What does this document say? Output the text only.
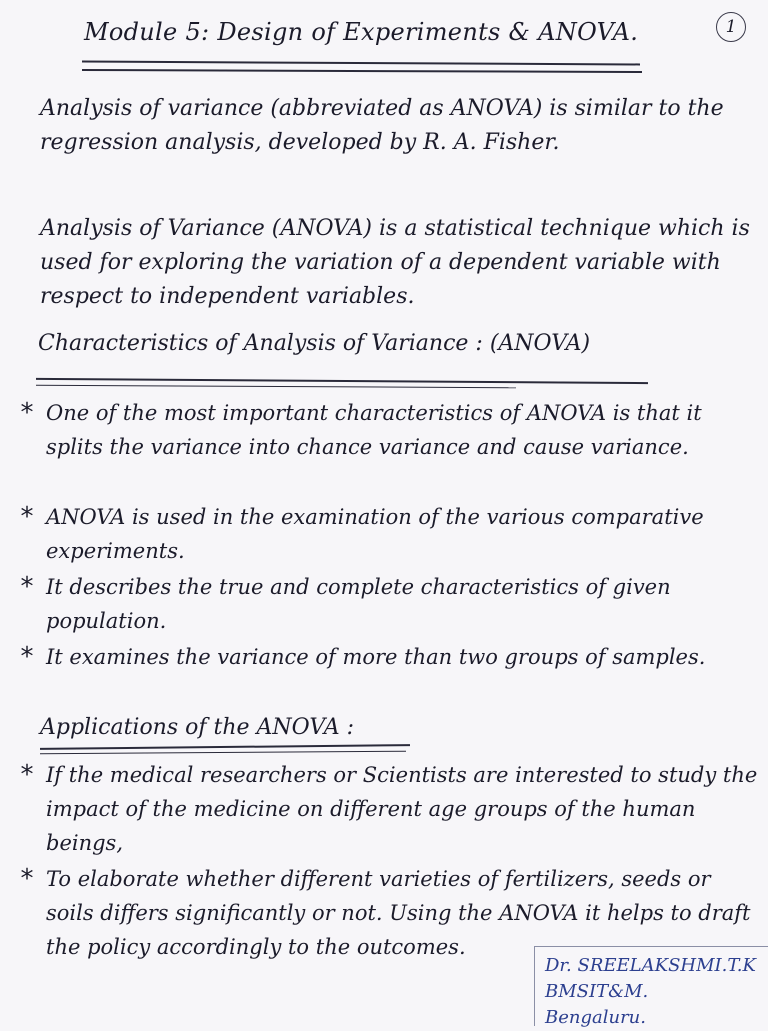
Module 5: Design of Experiments & ANOVA.	1
Analysis of variance (abbreviated as ANOVA) is similar to the regression analysis, developed by R. A. Fisher.
Analysis of Variance (ANOVA) is a statistical technique which is used for exploring the variation of a dependent variable with respect to independent variables.
Characteristics of Analysis of Variance : (ANOVA)
* One of the most important characteristics of ANOVA is that it splits the variance into chance variance and cause variance.
* ANOVA is used in the examination of the various comparative experiments.
* It describes the true and complete characteristics of given population.
* It examines the variance of more than two groups of samples.
Applications of the ANOVA :
* If the medical researchers or Scientists are interested to study the impact of the medicine on different age groups of the human beings,
* To elaborate whether different varieties of fertilizers, seeds or soils differs significantly or not. Using the ANOVA it helps to draft the policy accordingly to the outcomes.
Dr. SREELAKSHMI.T.K
BMSIT&M.
Bengaluru.
